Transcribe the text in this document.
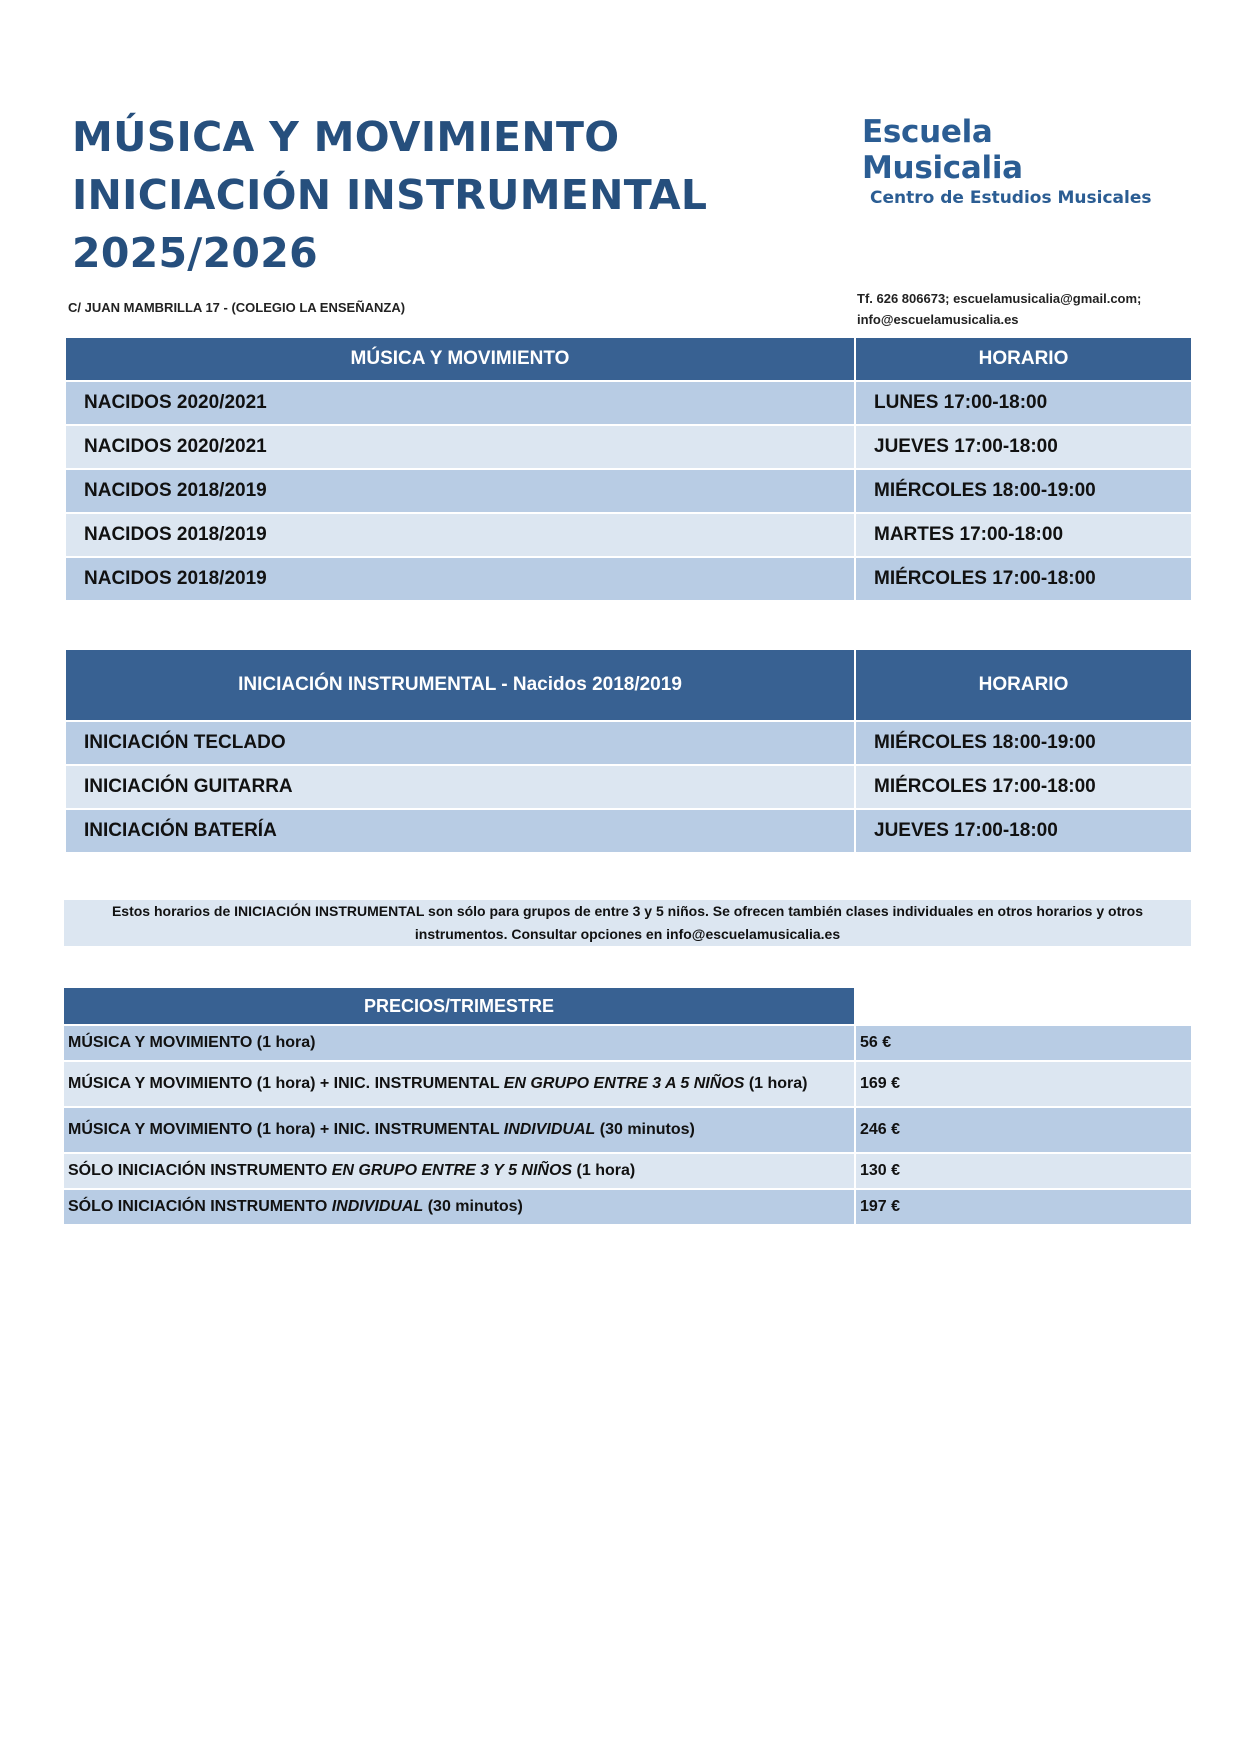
MÚSICA Y MOVIMIENTO
INICIACIÓN INSTRUMENTAL
2025/2026
Escuela Musicalia
Centro de Estudios Musicales
C/ JUAN MAMBRILLA 17 - (COLEGIO LA ENSEÑANZA)
Tf. 626 806673; escuelamusicalia@gmail.com;
info@escuelamusicalia.es
MÚSICA Y MOVIMIENTO	HORARIO
NACIDOS 2020/2021	LUNES 17:00-18:00
NACIDOS 2020/2021	JUEVES 17:00-18:00
NACIDOS 2018/2019	MIÉRCOLES 18:00-19:00
NACIDOS 2018/2019	MARTES 17:00-18:00
NACIDOS 2018/2019	MIÉRCOLES 17:00-18:00
INICIACIÓN INSTRUMENTAL - Nacidos 2018/2019	HORARIO
INICIACIÓN TECLADO	MIÉRCOLES 18:00-19:00
INICIACIÓN GUITARRA	MIÉRCOLES 17:00-18:00
INICIACIÓN BATERÍA	JUEVES 17:00-18:00
Estos horarios de INICIACIÓN INSTRUMENTAL son sólo para grupos de entre 3 y 5 niños. Se ofrecen también clases individuales en otros horarios y otros
instrumentos. Consultar opciones en info@escuelamusicalia.es
PRECIOS/TRIMESTRE	
MÚSICA Y MOVIMIENTO (1 hora)	56 €
MÚSICA Y MOVIMIENTO (1 hora) + INIC. INSTRUMENTAL EN GRUPO ENTRE 3 A 5 NIÑOS (1 hora)	169 €
MÚSICA Y MOVIMIENTO (1 hora) + INIC. INSTRUMENTAL INDIVIDUAL (30 minutos)	246 €
SÓLO INICIACIÓN INSTRUMENTO EN GRUPO ENTRE 3 Y 5 NIÑOS (1 hora)	130 €
SÓLO INICIACIÓN INSTRUMENTO INDIVIDUAL (30 minutos)	197 €
